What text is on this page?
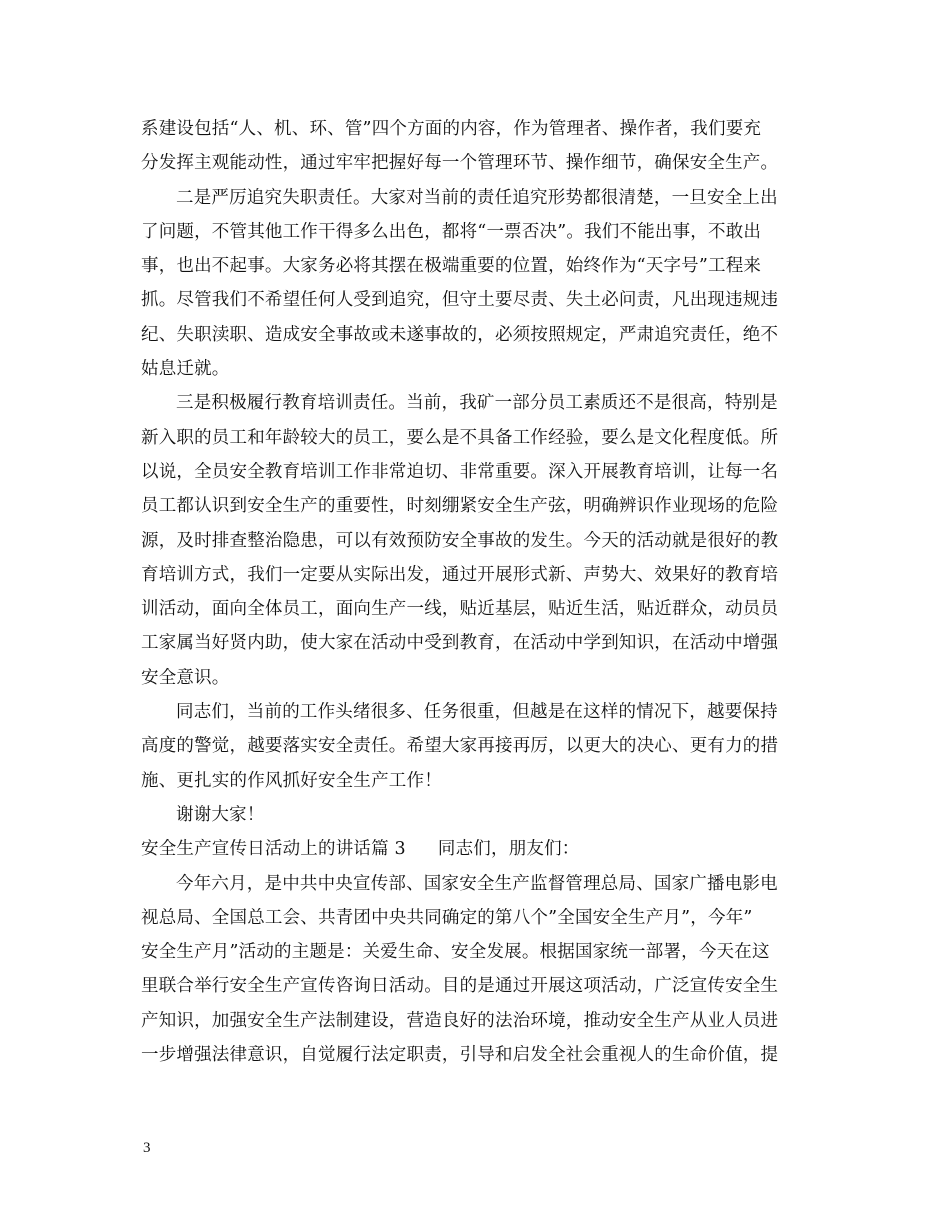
系建设包括“人、机、环、管”四个方面的内容，作为管理者、操作者，我们要充
分发挥主观能动性，通过牢牢把握好每一个管理环节、操作细节，确保安全生产。
二是严厉追究失职责任。大家对当前的责任追究形势都很清楚，一旦安全上出
了问题，不管其他工作干得多么出色，都将“一票否决”。我们不能出事，不敢出
事，也出不起事。大家务必将其摆在极端重要的位置，始终作为“天字号”工程来
抓。尽管我们不希望任何人受到追究，但守土要尽责、失土必问责，凡出现违规违
纪、失职渎职、造成安全事故或未遂事故的，必须按照规定，严肃追究责任，绝不
姑息迁就。
三是积极履行教育培训责任。当前，我矿一部分员工素质还不是很高，特别是
新入职的员工和年龄较大的员工，要么是不具备工作经验，要么是文化程度低。所
以说，全员安全教育培训工作非常迫切、非常重要。深入开展教育培训，让每一名
员工都认识到安全生产的重要性，时刻绷紧安全生产弦，明确辨识作业现场的危险
源，及时排查整治隐患，可以有效预防安全事故的发生。今天的活动就是很好的教
育培训方式，我们一定要从实际出发，通过开展形式新、声势大、效果好的教育培
训活动，面向全体员工，面向生产一线，贴近基层，贴近生活，贴近群众，动员员
工家属当好贤内助，使大家在活动中受到教育，在活动中学到知识，在活动中增强
安全意识。
同志们，当前的工作头绪很多、任务很重，但越是在这样的情况下，越要保持
高度的警觉，越要落实安全责任。希望大家再接再厉，以更大的决心、更有力的措
施、更扎实的作风抓好安全生产工作！
谢谢大家！
安全生产宣传日活动上的讲话篇 3 同志们，朋友们：
今年六月，是中共中央宣传部、国家安全生产监督管理总局、国家广播电影电
视总局、全国总工会、共青团中央共同确定的第八个”全国安全生产月”，今年”
安全生产月”活动的主题是：关爱生命、安全发展。根据国家统一部署，今天在这
里联合举行安全生产宣传咨询日活动。目的是通过开展这项活动，广泛宣传安全生
产知识，加强安全生产法制建设，营造良好的法治环境，推动安全生产从业人员进
一步增强法律意识，自觉履行法定职责，引导和启发全社会重视人的生命价值，提
3
